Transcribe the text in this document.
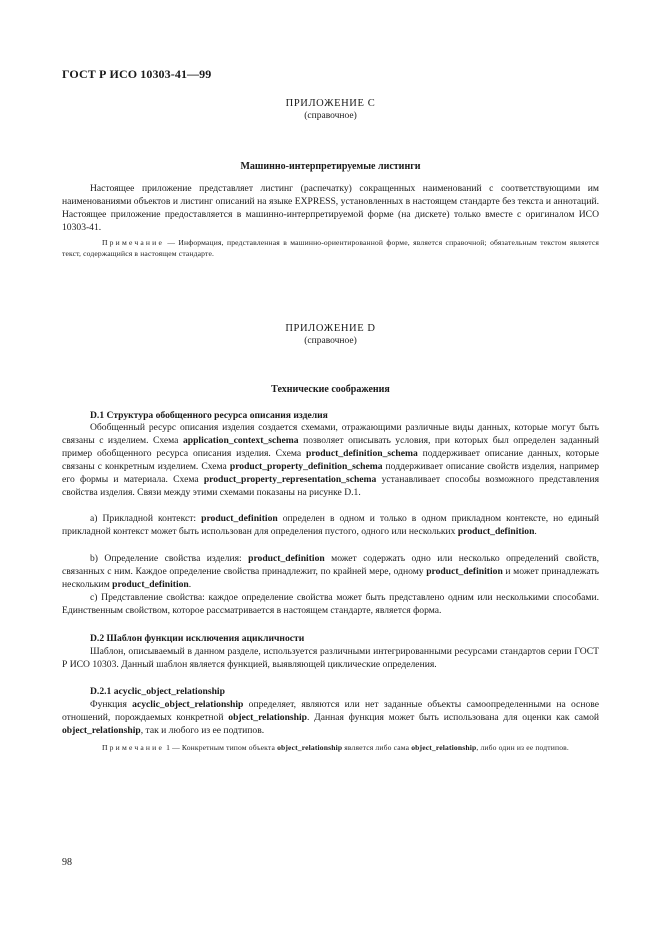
ГОСТ Р ИСО 10303-41—99
ПРИЛОЖЕНИЕ С
(справочное)
Машинно-интерпретируемые листинги

Настоящее приложение представляет листинг (распечатку) сокращенных наименований с соответствующими им наименованиями объектов и листинг описаний на языке EXPRESS, установленных в настоящем стандарте без текста и аннотаций. Настоящее приложение предоставляется в машинно-интерпретируемой форме (на дискете) только вместе с оригиналом ИСО 10303-41.

Примечание — Информация, представленная в машинно-ориентированной форме, является справочной; обязательным текстом является текст, содержащийся в настоящем стандарте.

ПРИЛОЖЕНИЕ D
(справочное)
Технические соображения
D.1 Структура обобщенного ресурса описания изделия

Обобщенный ресурс описания изделия создается схемами, отражающими различные виды данных, которые могут быть связаны с изделием. Схема application_context_schema позволяет описывать условия, при которых был определен заданный пример обобщенного ресурса описания изделия. Схема product_definition_schema поддерживает описание данных, которые связаны с конкретным изделием. Схема product_property_definition_schema поддерживает описание свойств изделия, например его формы и материала. Схема product_property_representation_schema устанавливает способы возможного представления свойства изделия. Связи между этими схемами показаны на рисунке D.1.

а) Прикладной контекст: product_definition определен в одном и только в одном прикладном контексте, но единый прикладной контекст может быть использован для определения пустого, одного или нескольких product_definition.

b) Определение свойства изделия: product_definition может содержать одно или несколько определений свойств, связанных с ним. Каждое определение свойства принадлежит, по крайней мере, одному product_definition и может принадлежать нескольким product_definition.

с) Представление свойства: каждое определение свойства может быть представлено одним или несколькими способами. Единственным свойством, которое рассматривается в настоящем стандарте, является форма.

D.2 Шаблон функции исключения ацикличности

Шаблон, описываемый в данном разделе, используется различными интегрированными ресурсами стандартов серии ГОСТ Р ИСО 10303. Данный шаблон является функцией, выявляющей циклические определения.

D.2.1 acyclic_object_relationship

Функция acyclic_object_relationship определяет, являются или нет заданные объекты самоопределенными на основе отношений, порождаемых конкретной object_relationship. Данная функция может быть использована для оценки как самой object_relationship, так и любого из ее подтипов.

Примечание 1 — Конкретным типом объекта object_relationship является либо сама object_relationship, либо один из ее подтипов.

98
